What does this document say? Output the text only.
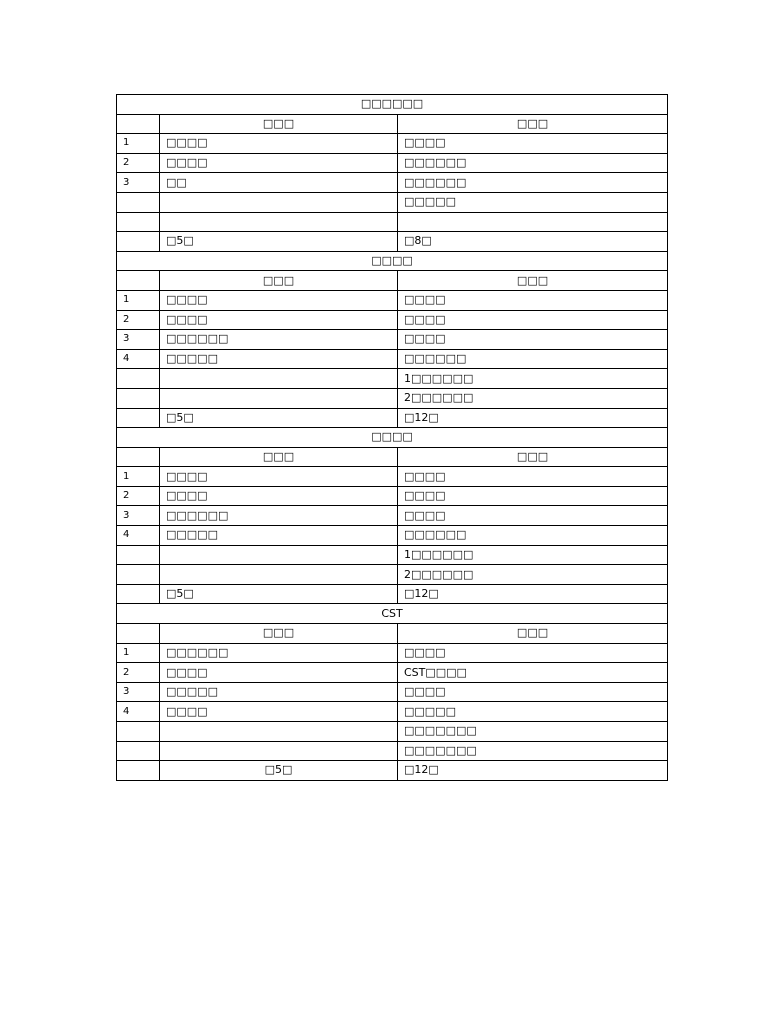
□□□□□□		
	□□□	□□□
1	□□□□	□□□□
2	□□□□	□□□□□□
3	□□	□□□□□□
		□□□□□

	□5□	□8□
□□□□		
	□□□	□□□
1	□□□□	□□□□
2	□□□□	□□□□
3	□□□□□□	□□□□
4	□□□□□	□□□□□□
		1□□□□□□
		2□□□□□□
	□5□	□12□
□□□□		
	□□□	□□□
1	□□□□	□□□□
2	□□□□	□□□□
3	□□□□□□	□□□□
4	□□□□□	□□□□□□
		1□□□□□□
		2□□□□□□
	□5□	□12□
CST		
	□□□	□□□
1	□□□□□□	□□□□
2	□□□□	CST□□□□
3	□□□□□	□□□□
4	□□□□	□□□□□
		□□□□□□□
		□□□□□□□
	□5□	□12□
